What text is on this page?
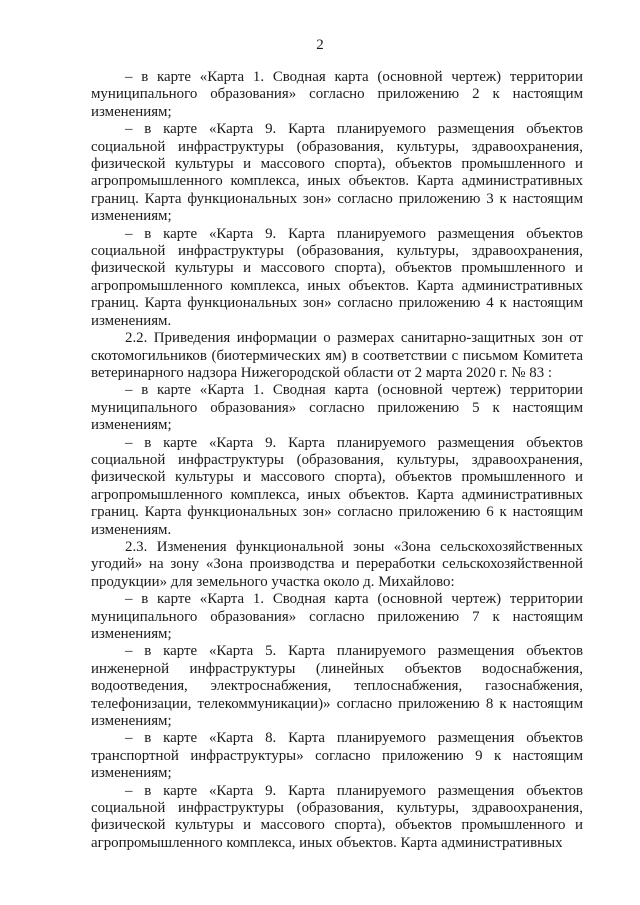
2

– в карте «Карта 1. Сводная карта (основной чертеж) территории муниципального образования» согласно приложению 2 к настоящим изменениям;

– в карте «Карта 9. Карта планируемого размещения объектов социальной инфраструктуры (образования, культуры, здравоохранения, физической культуры и массового спорта), объектов промышленного и агропромышленного комплекса, иных объектов. Карта административных границ. Карта функциональных зон» согласно приложению 3 к настоящим изменениям;

– в карте «Карта 9. Карта планируемого размещения объектов социальной инфраструктуры (образования, культуры, здравоохранения, физической культуры и массового спорта), объектов промышленного и агропромышленного комплекса, иных объектов. Карта административных границ. Карта функциональных зон» согласно приложению 4 к настоящим изменениям.

2.2. Приведения информации о размерах санитарно-защитных зон от скотомогильников (биотермических ям) в соответствии с письмом Комитета ветеринарного надзора Нижегородской области от 2 марта 2020 г. № 83 :

– в карте «Карта 1. Сводная карта (основной чертеж) территории муниципального образования» согласно приложению 5 к настоящим изменениям;

– в карте «Карта 9. Карта планируемого размещения объектов социальной инфраструктуры (образования, культуры, здравоохранения, физической культуры и массового спорта), объектов промышленного и агропромышленного комплекса, иных объектов. Карта административных границ. Карта функциональных зон» согласно приложению 6 к настоящим изменениям.

2.3. Изменения функциональной зоны «Зона сельскохозяйственных угодий» на зону «Зона производства и переработки сельскохозяйственной продукции» для земельного участка около д. Михайлово:

– в карте «Карта 1. Сводная карта (основной чертеж) территории муниципального образования» согласно приложению 7 к настоящим изменениям;

– в карте «Карта 5. Карта планируемого размещения объектов инженерной инфраструктуры (линейных объектов водоснабжения, водоотведения, электроснабжения, теплоснабжения, газоснабжения, телефонизации, телекоммуникации)» согласно приложению 8 к настоящим изменениям;

– в карте «Карта 8. Карта планируемого размещения объектов транспортной инфраструктуры» согласно приложению 9 к настоящим изменениям;

– в карте «Карта 9. Карта планируемого размещения объектов социальной инфраструктуры (образования, культуры, здравоохранения, физической культуры и массового спорта), объектов промышленного и агропромышленного комплекса, иных объектов. Карта административных
